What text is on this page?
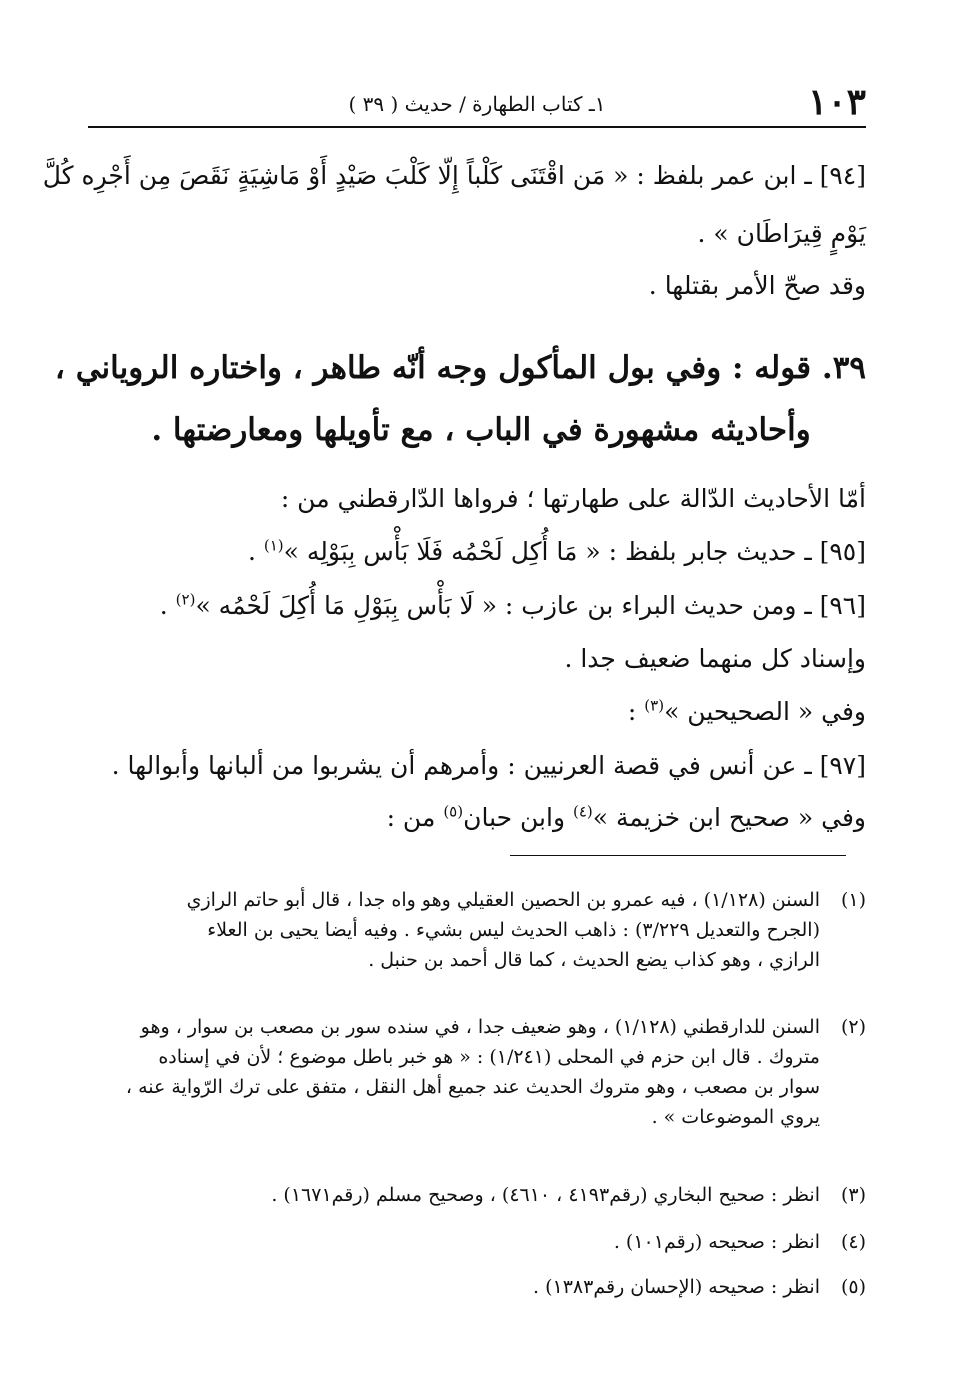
١٠٣
١ـ كتاب الطهارة / حديث ( ٣٩ )
[٩٤] ـ ابن عمر بلفظ : « مَن اقْتَنَى كَلْباً إِلّا كَلْبَ صَيْدٍ أَوْ مَاشِيَةٍ نَقَصَ مِن أَجْرِه كُلَّ
يَوْمٍ قِيرَاطَان » .
وقد صحّ الأمر بقتلها .
٣٩. قوله : وفي بول المأكول وجه أنّه طاهر ، واختاره الروياني ،
وأحاديثه مشهورة في الباب ، مع تأويلها ومعارضتها .
أمّا الأحاديث الدّالة على طهارتها ؛ فرواها الدّارقطني من :
[٩٥] ـ حديث جابر بلفظ : « مَا أُكِل لَحْمُه فَلَا بَأْس بِبَوْلِه »$^{(١)}$ .
[٩٦] ـ ومن حديث البراء بن عازب : « لَا بَأْس بِبَوْلِ مَا أُكِلَ لَحْمُه »$^{(٢)}$ .
وإسناد كل منهما ضعيف جدا .
وفي « الصحيحين »$^{(٣)}$ :
[٩٧] ـ عن أنس في قصة العرنيين : وأمرهم أن يشربوا من ألبانها وأبوالها .
وفي « صحيح ابن خزيمة »$^{(٤)}$ وابن حبان$^{(٥)}$ من :
(١)
السنن (١/١٢٨) ، فيه عمرو بن الحصين العقيلي وهو واه جدا ، قال أبو حاتم الرازي
(الجرح والتعديل ٣/٢٢٩) : ذاهب الحديث ليس بشيء . وفيه أيضا يحيى بن العلاء
الرازي ، وهو كذاب يضع الحديث ، كما قال أحمد بن حنبل .
(٢)
السنن للدارقطني (١/١٢٨) ، وهو ضعيف جدا ، في سنده سور بن مصعب بن سوار ، وهو
متروك . قال ابن حزم في المحلى (١/٢٤١) : « هو خبر باطل موضوع ؛ لأن في إسناده
سوار بن مصعب ، وهو متروك الحديث عند جميع أهل النقل ، متفق على ترك الرّواية عنه ،
يروي الموضوعات » .
(٣)
انظر : صحيح البخاري (رقم٤١٩٣ ، ٤٦١٠) ، وصحيح مسلم (رقم١٦٧١) .
(٤)
انظر : صحيحه (رقم١٠١) .
(٥)
انظر : صحيحه (الإحسان رقم١٣٨٣) .
